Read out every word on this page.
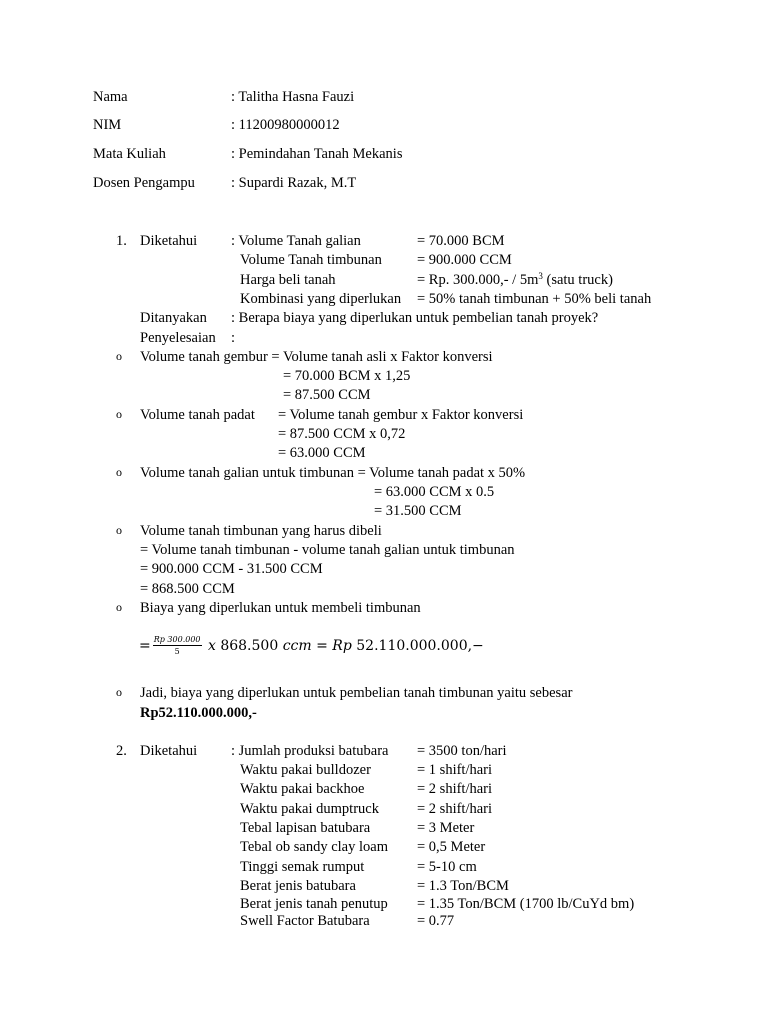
Nama	: Talitha Hasna Fauzi
NIM	: 11200980000012
Mata Kuliah	: Pemindahan Tanah Mekanis
Dosen Pengampu : Supardi Razak, M.T
1. Diketahui : Volume Tanah galian	= 70.000 BCM
Volume Tanah timbunan = 900.000 CCM
Harga beli tanah	= Rp. $300.000,- / 5m^3$ (satu truck)
Kombinasi yang diperlukan = 50% tanah timbunan + 50% beli tanah
Ditanyakan : Berapa biaya yang diperlukan untuk pembelian tanah proyek?
Penyelesaian :
o Volume tanah gembur = Volume tanah asli x Faktor konversi
= 70.000 BCM x 1,25
= 87.500 CCM
o Volume tanah padat = Volume tanah gembur x Faktor konversi
= 87.500 CCM x 0,72
= 63.000 CCM
o Volume tanah galian untuk timbunan = Volume tanah padat x 50%
= 63.000 CCM x 0.5
= 31.500 CCM
o Volume tanah timbunan yang harus dibeli
= Volume tanah timbunan - volume tanah galian untuk timbunan
= 900.000 CCM - 31.500 CCM
= 868.500 CCM
o Biaya yang diperlukan untuk membeli timbunan
= $\frac{Rp 300.000}{5}$ x 868.500 ccm = Rp 52.110.000.000,−
o Jadi, biaya yang diperlukan untuk pembelian tanah timbunan yaitu sebesar
Rp52.110.000.000,-
2. Diketahui : Jumlah produksi batubara = 3500 ton/hari
Waktu pakai bulldozer	= 1 shift/hari
Waktu pakai backhoe	= 2 shift/hari
Waktu pakai dumptruck	= 2 shift/hari
Tebal lapisan batubara	= 3 Meter
Tebal ob sandy clay loam = 0,5 Meter
Tinggi semak rumput	= 5-10 cm
Berat jenis batubara	= 1.3 Ton/BCM
Berat jenis tanah penutup = 1.35 Ton/BCM (1700 lb/CuYd bm)
Swell Factor Batubara	= 0.77
